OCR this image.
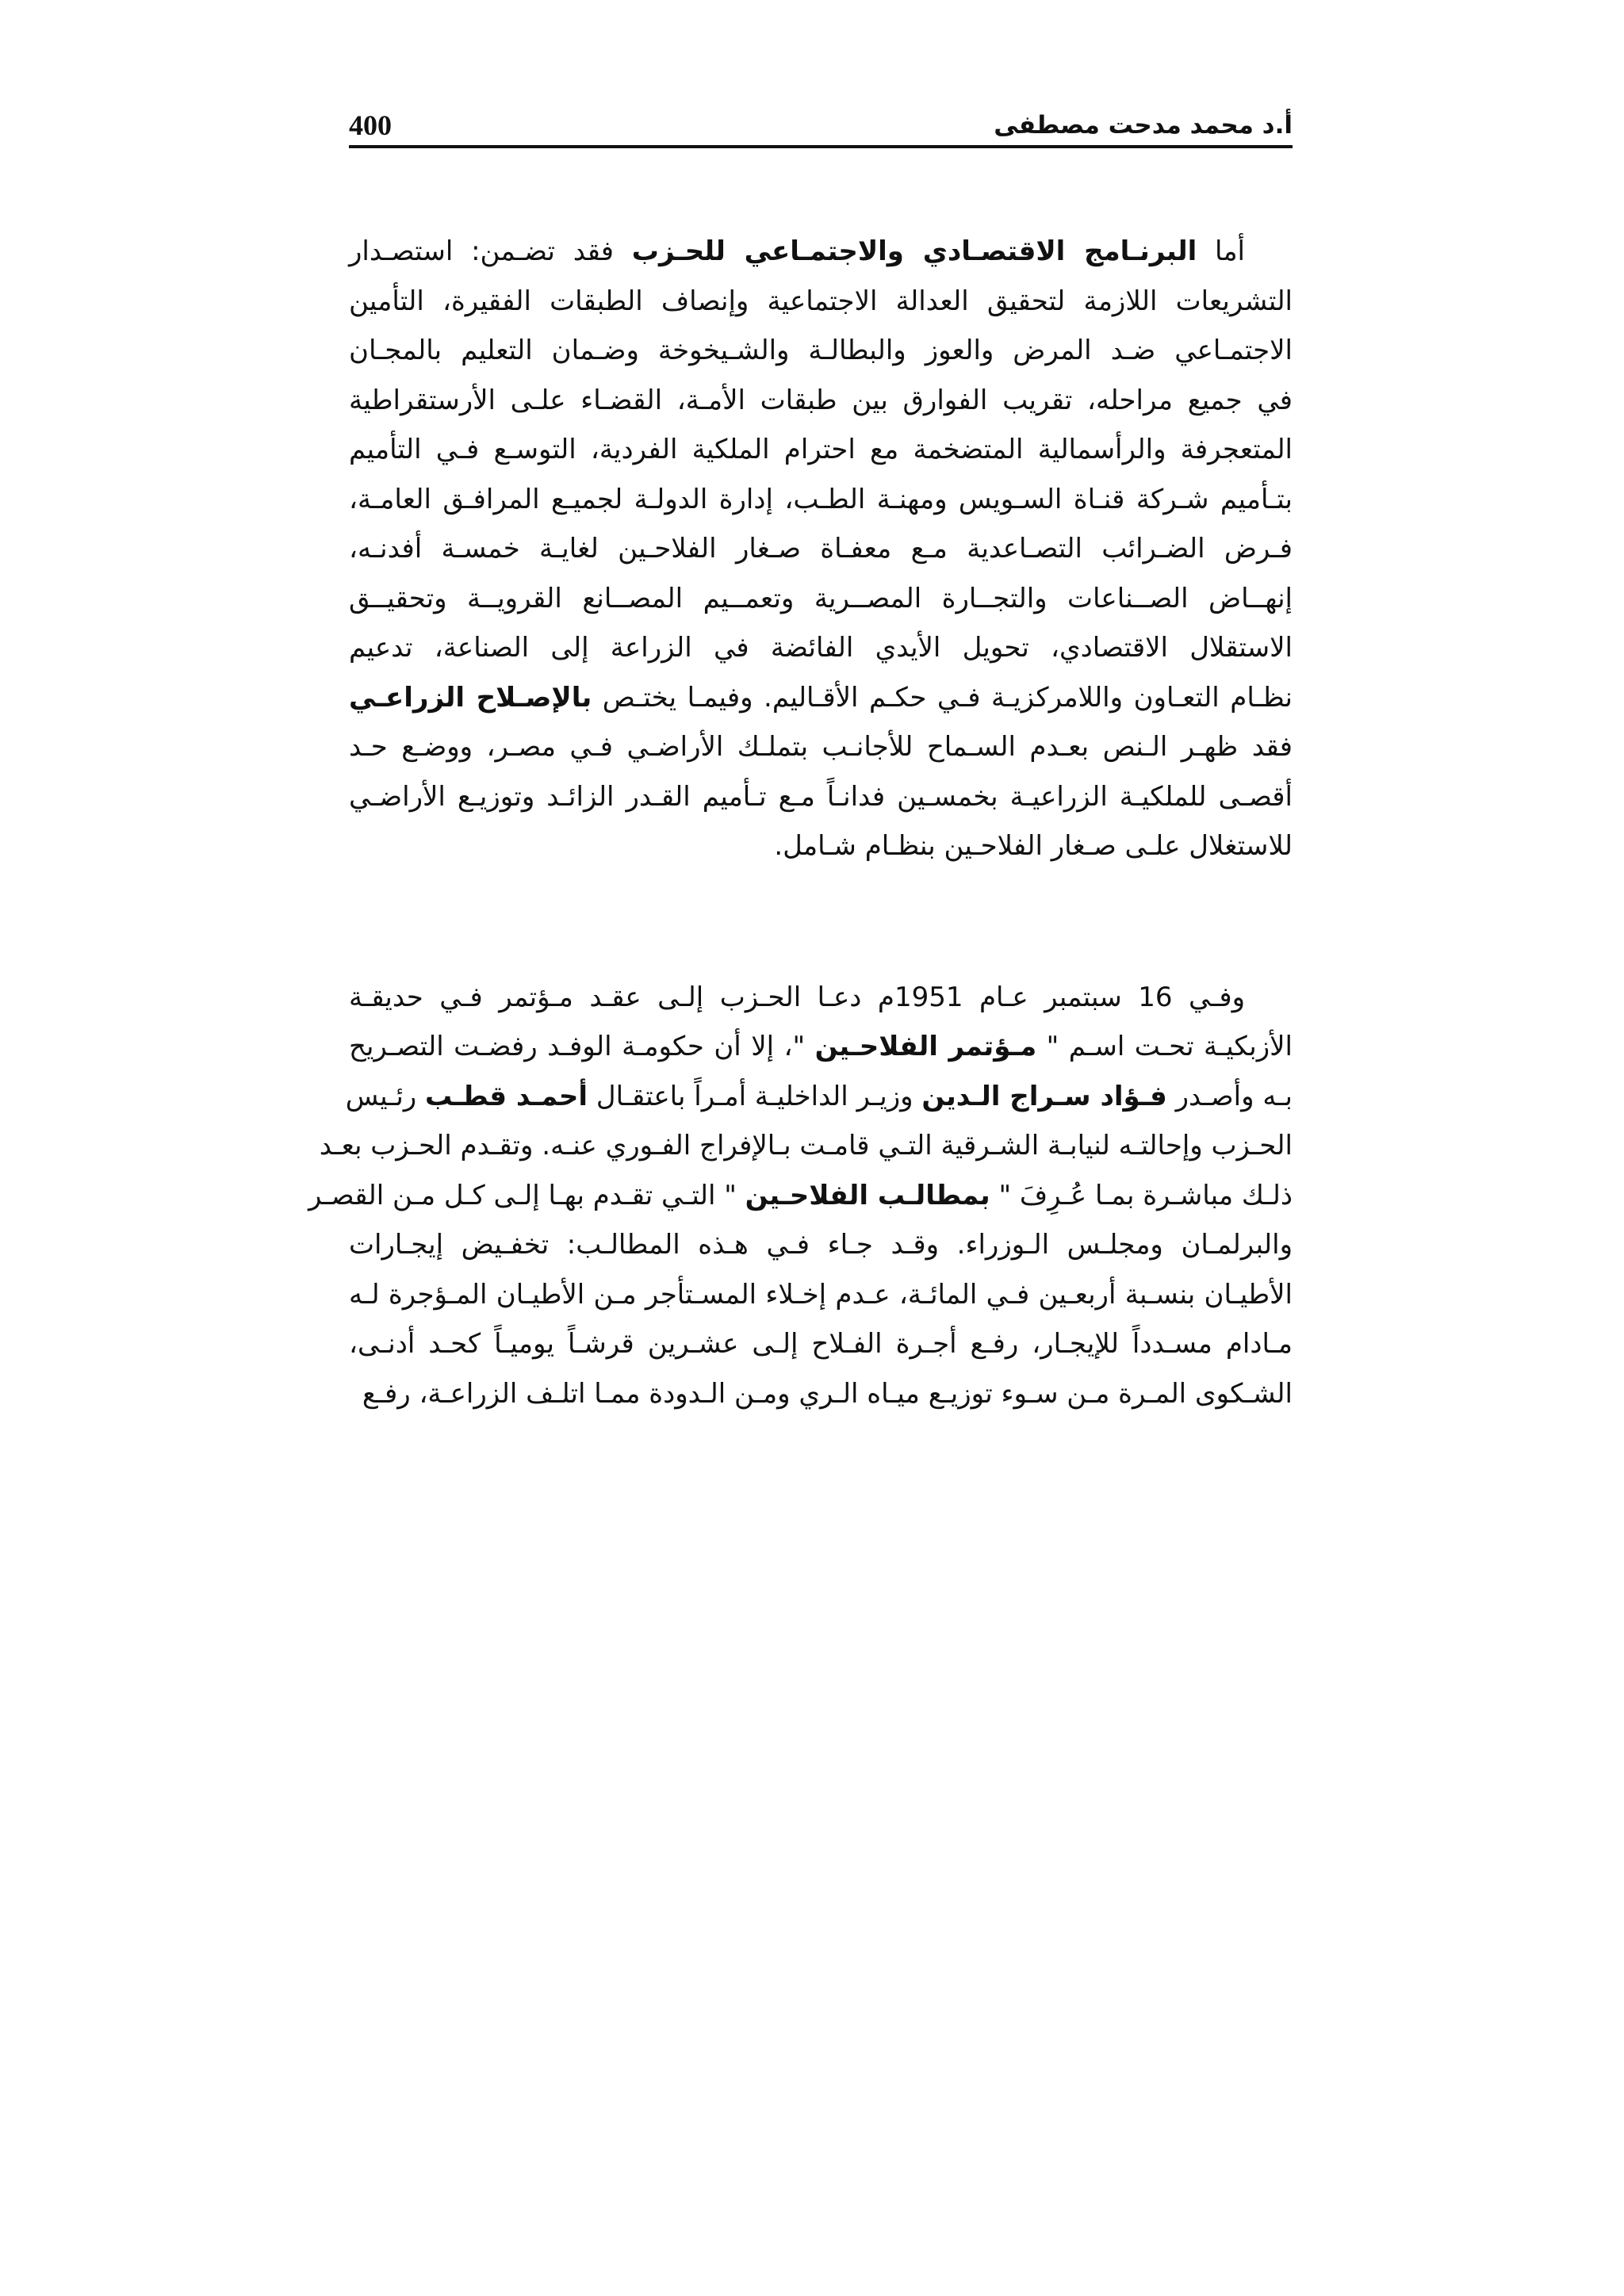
400	أ.د محمد مدحت مصطفى

أما البرنـامج الاقتصـادي والاجتمـاعي للحـزب فقد تضـمن: استصـدار
التشريعات اللازمة لتحقيق العدالة الاجتماعية وإنصاف الطبقات الفقيرة، التأمين
الاجتمـاعي ضـد المرض والعوز والبطالـة والشـيخوخة وضـمان التعليم بالمجـان
في جميع مراحله، تقريب الفوارق بين طبقات الأمـة، القضـاء علـى الأرستقراطية
المتعجرفة والرأسمالية المتضخمة مع احترام الملكية الفردية، التوسـع فـي التأميم
بتـأميم شـركة قنـاة السـويس ومهنـة الطـب، إدارة الدولـة لجميـع المرافـق العامـة،
فـرض الضـرائب التصـاعدية مـع معفـاة صـغار الفلاحـين لغايـة خمسـة أفدنـه،
إنهــاض الصــناعات والتجــارة المصــرية وتعمــيم المصــانع القرويــة وتحقيــق
الاستقلال الاقتصادي، تحويل الأيدي الفائضة في الزراعة إلى الصناعة، تدعيم
نظـام التعـاون واللامركزيـة فـي حكـم الأقـاليم. وفيمـا يختـص بالإصـلاح الزراعـي
فقد ظهـر الـنص بعـدم السـماح للأجانـب بتملـك الأراضـي فـي مصـر، ووضـع حـد
أقصـى للملكيـة الزراعيـة بخمسـين فدانـاً مـع تـأميم القـدر الزائـد وتوزيـع الأراضـي
للاستغلال علـى صـغار الفلاحـين بنظـام شـامل.

وفـي 16 سبتمبر عـام 1951م دعـا الحـزب إلـى عقـد مـؤتمر فـي حديقـة
الأزبكيـة تحـت اسـم " مـؤتمر الفلاحـين "، إلا أن حكومـة الوفـد رفضـت التصـريح
بـه وأصـدر فـؤاد سـراج الـدين وزيـر الداخليـة أمـراً باعتقـال أحمـد قطـب رئـيس
الحـزب وإحالتـه لنيابـة الشـرقية التـي قامـت بـالإفراج الفـوري عنـه. وتقـدم الحـزب بعـد
ذلـك مباشـرة بمـا عُـرِفَ " بمطالـب الفلاحـين " التـي تقـدم بهـا إلـى كـل مـن القصـر
والبرلمـان ومجلـس الـوزراء. وقـد جـاء فـي هـذه المطالـب: تخفـيض إيجـارات
الأطيـان بنسـبة أربعـين فـي المائـة، عـدم إخـلاء المسـتأجر مـن الأطيـان المـؤجرة لـه
مـادام مسـدداً للإيجـار، رفـع أجـرة الفـلاح إلـى عشـرين قرشـاً يوميـاً كحـد أدنـى،
الشـكوى المـرة مـن سـوء توزيـع ميـاه الـري ومـن الـدودة ممـا اتلـف الزراعـة، رفـع
